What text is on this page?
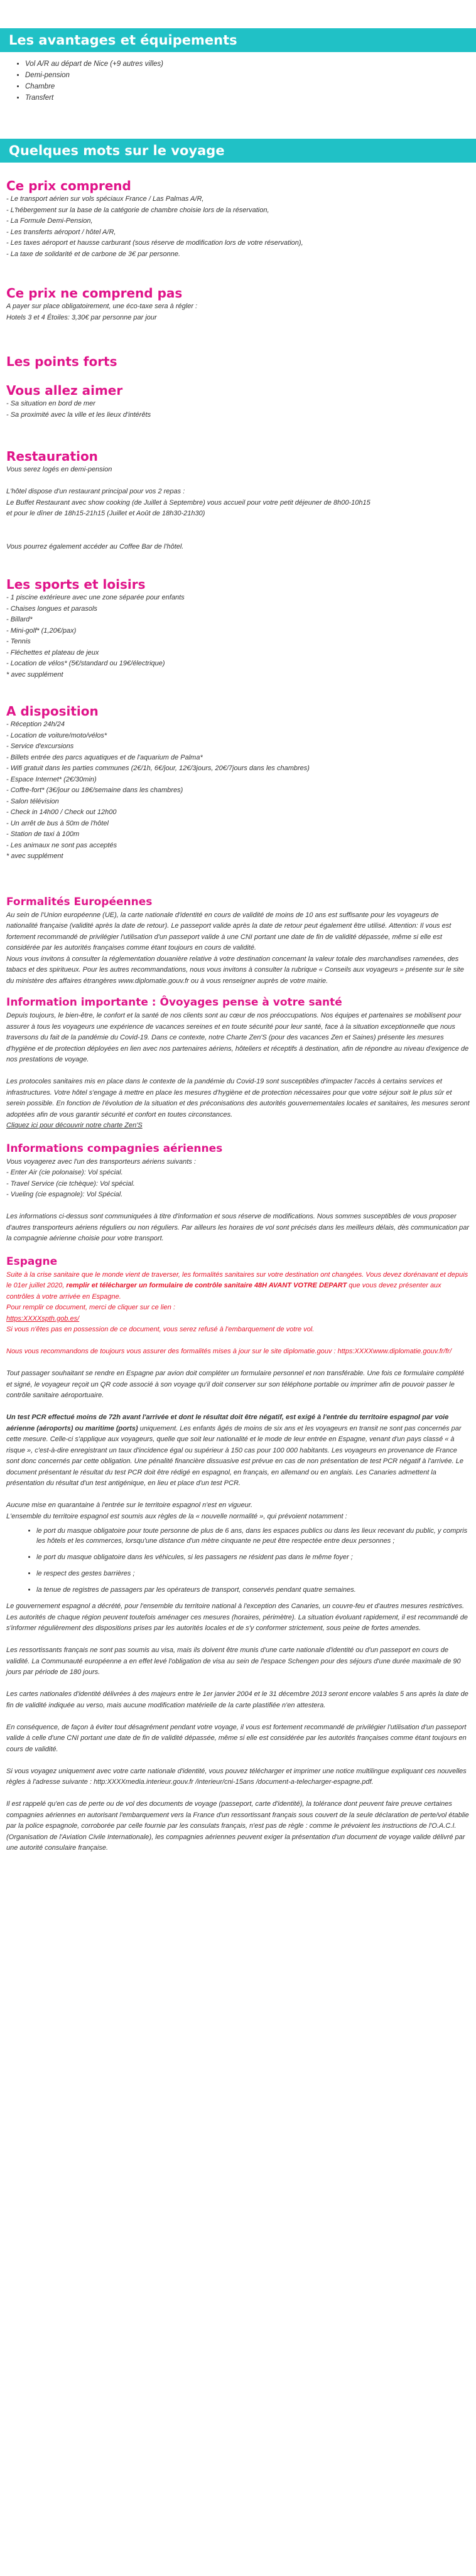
Les avantages et équipements
• Vol A/R au départ de Nice (+9 autres villes)
• Demi-pension
• Chambre
• Transfert
Quelques mots sur le voyage
Ce prix comprend

- Le transport aérien sur vols spéciaux France / Las Palmas A/R,

- L'hébergement sur la base de la catégorie de chambre choisie lors de la réservation,

- La Formule Demi-Pension,

- Les transferts aéroport / hôtel A/R,

- Les taxes aéroport et hausse carburant (sous réserve de modification lors de votre réservation),

- La taxe de solidarité et de carbone de 3€ par personne.

Ce prix ne comprend pas

A payer sur place obligatoirement, une éco-taxe sera à régler :

Hotels 3 et 4 Étoiles: 3,30€ par personne par jour

Les points forts
Vous allez aimer

- Sa situation en bord de mer

- Sa proximité avec la ville et les lieux d'intérêts

Restauration

Vous serez logés en demi-pension

L'hôtel dispose d'un restaurant principal pour vos 2 repas :

Le Buffet Restaurant avec show cooking (de Juillet à Septembre) vous accueil pour votre petit déjeuner de 8h00-10h15

et pour le dîner de 18h15-21h15 (Juillet et Août de 18h30-21h30)

Vous pourrez également accéder au Coffee Bar de l'hôtel.

Les sports et loisirs

- 1 piscine extérieure avec une zone séparée pour enfants

- Chaises longues et parasols

- Billard*

- Mini-golf* (1,20€/pax)

- Tennis

- Fléchettes et plateau de jeux

- Location de vélos* (5€/standard ou 19€/électrique)

* avec supplément

A disposition

- Réception 24h/24

- Location de voiture/moto/vélos*

- Service d'excursions

- Billets entrée des parcs aquatiques et de l'aquarium de Palma*

- Wifi gratuit dans les parties communes (2€/1h, 6€/jour, 12€/3jours, 20€/7jours dans les chambres)

- Espace Internet* (2€/30min)

- Coffre-fort* (3€/jour ou 18€/semaine dans les chambres)

- Salon télévision

- Check in 14h00 / Check out 12h00

- Un arrêt de bus à 50m de l'hôtel

- Station de taxi à 100m

- Les animaux ne sont pas acceptés

* avec supplément

Formalités Européennes

Au sein de l'Union européenne (UE), la carte nationale d'identité en cours de validité de moins de 10 ans est suffisante pour les voyageurs de nationalité française (validité après la date de retour). Le passeport valide après la date de retour peut également être utilisé. Attention: Il vous est fortement recommandé de privilégier l'utilisation d'un passeport valide à une CNI portant une date de fin de validité dépassée, même si elle est considérée par les autorités françaises comme étant toujours en cours de validité.

Nous vous invitons à consulter la réglementation douanière relative à votre destination concernant la valeur totale des marchandises ramenées, des tabacs et des spiritueux. Pour les autres recommandations, nous vous invitons à consulter la rubrique « Conseils aux voyageurs » présente sur le site du ministère des affaires étrangères www.diplomatie.gouv.fr ou à vous renseigner auprès de votre mairie.

Information importante : Ôvoyages pense à votre santé

Depuis toujours, le bien-être, le confort et la santé de nos clients sont au cœur de nos préoccupations. Nos équipes et partenaires se mobilisent pour assurer à tous les voyageurs une expérience de vacances sereines et en toute sécurité pour leur santé, face à la situation exceptionnelle que nous traversons du fait de la pandémie du Covid-19. Dans ce contexte, notre Charte Zen'S (pour des vacances Zen et Saines) présente les mesures d'hygiène et de protection déployées en lien avec nos partenaires aériens, hôteliers et réceptifs à destination, afin de répondre au niveau d'exigence de nos prestations de voyage.

Les protocoles sanitaires mis en place dans le contexte de la pandémie du Covid-19 sont susceptibles d'impacter l'accès à certains services et infrastructures. Votre hôtel s'engage à mettre en place les mesures d'hygiène et de protection nécessaires pour que votre séjour soit le plus sûr et serein possible. En fonction de l'évolution de la situation et des préconisations des autorités gouvernementales locales et sanitaires, les mesures seront adoptées afin de vous garantir sécurité et confort en toutes circonstances.

Cliquez ici pour découvrir notre charte Zen'S

Informations compagnies aériennes

Vous voyagerez avec l'un des transporteurs aériens suivants :

- Enter Air (cie polonaise): Vol spécial.

- Travel Service (cie tchèque): Vol spécial.

- Vueling (cie espagnole): Vol Spécial.

Les informations ci-dessus sont communiquées à titre d'information et sous réserve de modifications. Nous sommes susceptibles de vous proposer d'autres transporteurs aériens réguliers ou non réguliers. Par ailleurs les horaires de vol sont précisés dans les meilleurs délais, dès communication par la compagnie aérienne choisie pour votre transport.

Espagne

Suite à la crise sanitaire que le monde vient de traverser, les formalités sanitaires sur votre destination ont changées. Vous devez dorénavant et depuis le 01er juillet 2020, remplir et télécharger un formulaire de contrôle sanitaire 48H AVANT VOTRE DEPART que vous devez présenter aux contrôles à votre arrivée en Espagne.

Pour remplir ce document, merci de cliquer sur ce lien :

https:XXXXspth.gob.es/

Si vous n'êtes pas en possession de ce document, vous serez refusé à l'embarquement de votre vol.

Nous vous recommandons de toujours vous assurer des formalités mises à jour sur le site diplomatie.gouv : https:XXXXwww.diplomatie.gouv.fr/fr/

Tout passager souhaitant se rendre en Espagne par avion doit compléter un formulaire personnel et non transférable. Une fois ce formulaire complété et signé, le voyageur reçoit un QR code associé à son voyage qu'il doit conserver sur son téléphone portable ou imprimer afin de pouvoir passer le contrôle sanitaire aéroportuaire.

Un test PCR effectué moins de 72h avant l'arrivée et dont le résultat doit être négatif, est exigé à l'entrée du territoire espagnol par voie aérienne (aéroports) ou maritime (ports) uniquement. Les enfants âgés de moins de six ans et les voyageurs en transit ne sont pas concernés par cette mesure. Celle-ci s'applique aux voyageurs, quelle que soit leur nationalité et le mode de leur entrée en Espagne, venant d'un pays classé « à risque », c'est-à-dire enregistrant un taux d'incidence égal ou supérieur à 150 cas pour 100 000 habitants. Les voyageurs en provenance de France sont donc concernés par cette obligation. Une pénalité financière dissuasive est prévue en cas de non présentation de test PCR négatif à l'arrivée. Le document présentant le résultat du test PCR doit être rédigé en espagnol, en français, en allemand ou en anglais. Les Canaries admettent la présentation du résultat d'un test antigénique, en lieu et place d'un test PCR.

Aucune mise en quarantaine à l'entrée sur le territoire espagnol n'est en vigueur.

L'ensemble du territoire espagnol est soumis aux règles de la « nouvelle normalité », qui prévoient notamment :

• le port du masque obligatoire pour toute personne de plus de 6 ans, dans les espaces publics ou dans les lieux recevant du public, y compris les hôtels et les commerces, lorsqu'une distance d'un mètre cinquante ne peut être respectée entre deux personnes ;
• le port du masque obligatoire dans les véhicules, si les passagers ne résident pas dans le même foyer ;
• le respect des gestes barrières ;
• la tenue de registres de passagers par les opérateurs de transport, conservés pendant quatre semaines.

Le gouvernement espagnol a décrété, pour l'ensemble du territoire national à l'exception des Canaries, un couvre-feu et d'autres mesures restrictives. Les autorités de chaque région peuvent toutefois aménager ces mesures (horaires, périmètre). La situation évoluant rapidement, il est recommandé de s'informer régulièrement des dispositions prises par les autorités locales et de s'y conformer strictement, sous peine de fortes amendes.

Les ressortissants français ne sont pas soumis au visa, mais ils doivent être munis d'une carte nationale d'identité ou d'un passeport en cours de validité. La Communauté européenne a en effet levé l'obligation de visa au sein de l'espace Schengen pour des séjours d'une durée maximale de 90 jours par période de 180 jours.

Les cartes nationales d'identité délivrées à des majeurs entre le 1er janvier 2004 et le 31 décembre 2013 seront encore valables 5 ans après la date de fin de validité indiquée au verso, mais aucune modification matérielle de la carte plastifiée n'en attestera.

En conséquence, de façon à éviter tout désagrément pendant votre voyage, il vous est fortement recommandé de privilégier l'utilisation d'un passeport valide à celle d'une CNI portant une date de fin de validité dépassée, même si elle est considérée par les autorités françaises comme étant toujours en cours de validité.

Si vous voyagez uniquement avec votre carte nationale d'identité, vous pouvez télécharger et imprimer une notice multilingue expliquant ces nouvelles règles à l'adresse suivante : http:XXXXmedia.interieur.gouv.fr /interieur/cni-15ans /document-a-telecharger-espagne.pdf.

Il est rappelé qu'en cas de perte ou de vol des documents de voyage (passeport, carte d'identité), la tolérance dont peuvent faire preuve certaines compagnies aériennes en autorisant l'embarquement vers la France d'un ressortissant français sous couvert de la seule déclaration de perte/vol établie par la police espagnole, corroborée par celle fournie par les consulats français, n'est pas de règle : comme le prévoient les instructions de l'O.A.C.I. (Organisation de l'Aviation Civile Internationale), les compagnies aériennes peuvent exiger la présentation d'un document de voyage valide délivré par une autorité consulaire française.
